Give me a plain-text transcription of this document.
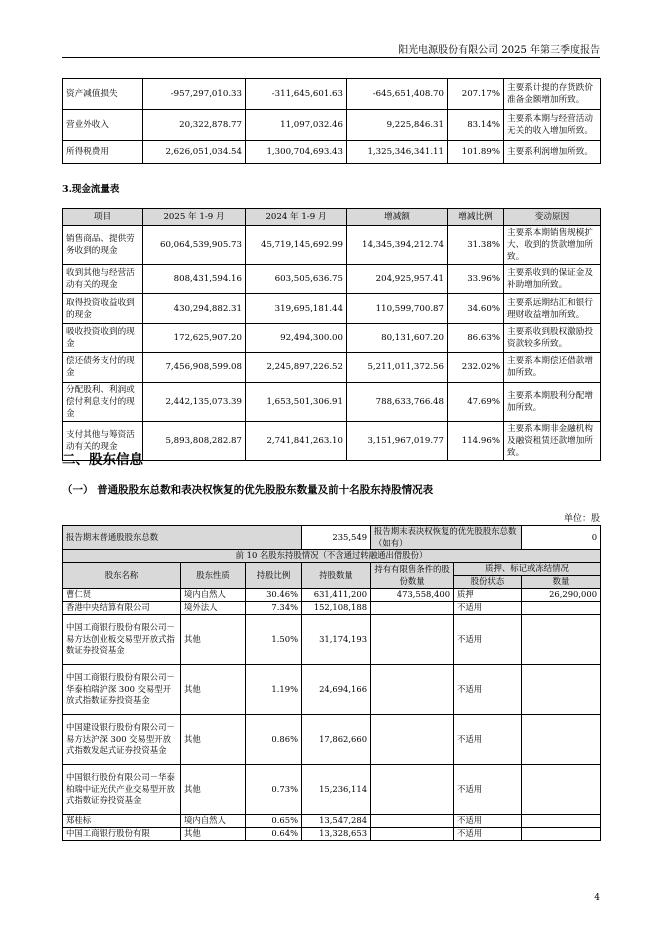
阳光电源股份有限公司 2025 年第三季度报告
资产减值损失	-957,297,010.33	-311,645,601.63	-645,651,408.70	207.17%	主要系计提的存货跌价准备金额增加所致。
营业外收入	20,322,878.77	11,097,032.46	9,225,846.31	83.14%	主要系本期与经营活动无关的收入增加所致。
所得税费用	2,626,051,034.54	1,300,704,693.43	1,325,346,341.11	101.89%	主要系利润增加所致。
3.现金流量表
项目	2025 年 1-9 月	2024 年 1-9 月	增减额	增减比例	变动原因
销售商品、提供劳务收到的现金	60,064,539,905.73	45,719,145,692.99	14,345,394,212.74	31.38%	主要系本期销售规模扩大、收到的货款增加所致。
收到其他与经营活动有关的现金	808,431,594.16	603,505,636.75	204,925,957.41	33.96%	主要系收到的保证金及补助增加所致。
取得投资收益收到的现金	430,294,882.31	319,695,181.44	110,599,700.87	34.60%	主要系远期结汇和银行理财收益增加所致。
吸收投资收到的现金	172,625,907.20	92,494,300.00	80,131,607.20	86.63%	主要系收到股权激励投资款较多所致。
偿还债务支付的现金	7,456,908,599.08	2,245,897,226.52	5,211,011,372.56	232.02%	主要系本期偿还借款增加所致。
分配股利、利润或偿付利息支付的现金	2,442,135,073.39	1,653,501,306.91	788,633,766.48	47.69%	主要系本期股利分配增加所致。
支付其他与筹资活动有关的现金	5,893,808,282.87	2,741,841,263.10	3,151,967,019.77	114.96%	主要系本期非金融机构及融资租赁还款增加所致。
二、股东信息
（一） 普通股股东总数和表决权恢复的优先股股东数量及前十名股东持股情况表
单位：股
报告期末普通股股东总数			235,549	报告期末表决权恢复的优先股股东总数（如有）		0
前 10 名股东持股情况（不含通过转融通出借股份）						
股东名称	股东性质	持股比例	持股数量	持有有限售条件的股份数量	质押、标记或冻结情况	
					股份状态	数量
曹仁贤	境内自然人	30.46%	631,411,200	473,558,400	质押	26,290,000
香港中央结算有限公司	境外法人	7.34%	152,108,188		不适用	
中国工商银行股份有限公司－易方达创业板交易型开放式指数证券投资基金	其他	1.50%	31,174,193		不适用	
中国工商银行股份有限公司－华泰柏瑞沪深 300 交易型开放式指数证券投资基金	其他	1.19%	24,694,166		不适用	
中国建设银行股份有限公司－易方达沪深 300 交易型开放式指数发起式证券投资基金	其他	0.86%	17,862,660		不适用	
中国银行股份有限公司－华泰柏瑞中证光伏产业交易型开放式指数证券投资基金	其他	0.73%	15,236,114		不适用	
郑桂标	境内自然人	0.65%	13,547,284		不适用	
中国工商银行股份有限	其他	0.64%	13,328,653		不适用	
4
